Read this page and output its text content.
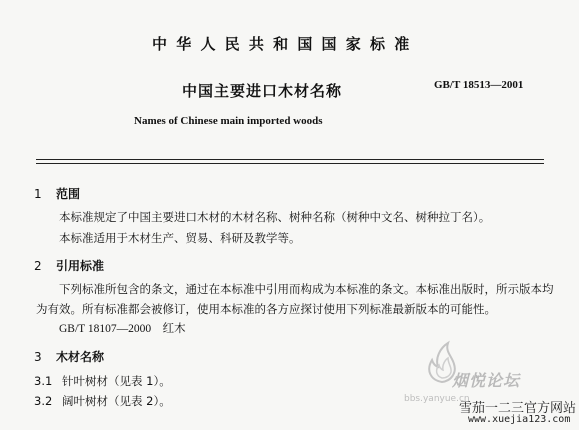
中 华 人 民 共 和 国 国 家 标 准
中国主要进口木材名称	GB/T 18513—2001
Names of Chinese main imported woods
1 范围
本标准规定了中国主要进口木材的木材名称、树种名称（树种中文名、树种拉丁名）。
本标准适用于木材生产、贸易、科研及教学等。
2 引用标准
下列标准所包含的条文，通过在本标准中引用而构成为本标准的条文。本标准出版时，所示版本均
为有效。所有标准都会被修订，使用本标准的各方应探讨使用下列标准最新版本的可能性。
GB/T 18107—2000　红木
3 木材名称
3.1 针叶树材（见表 1）。
3.2 阔叶树材（见表 2）。
烟悦论坛
bbs.yanyue.cn
雪茄一二三官方网站
www.xuejia123.com
